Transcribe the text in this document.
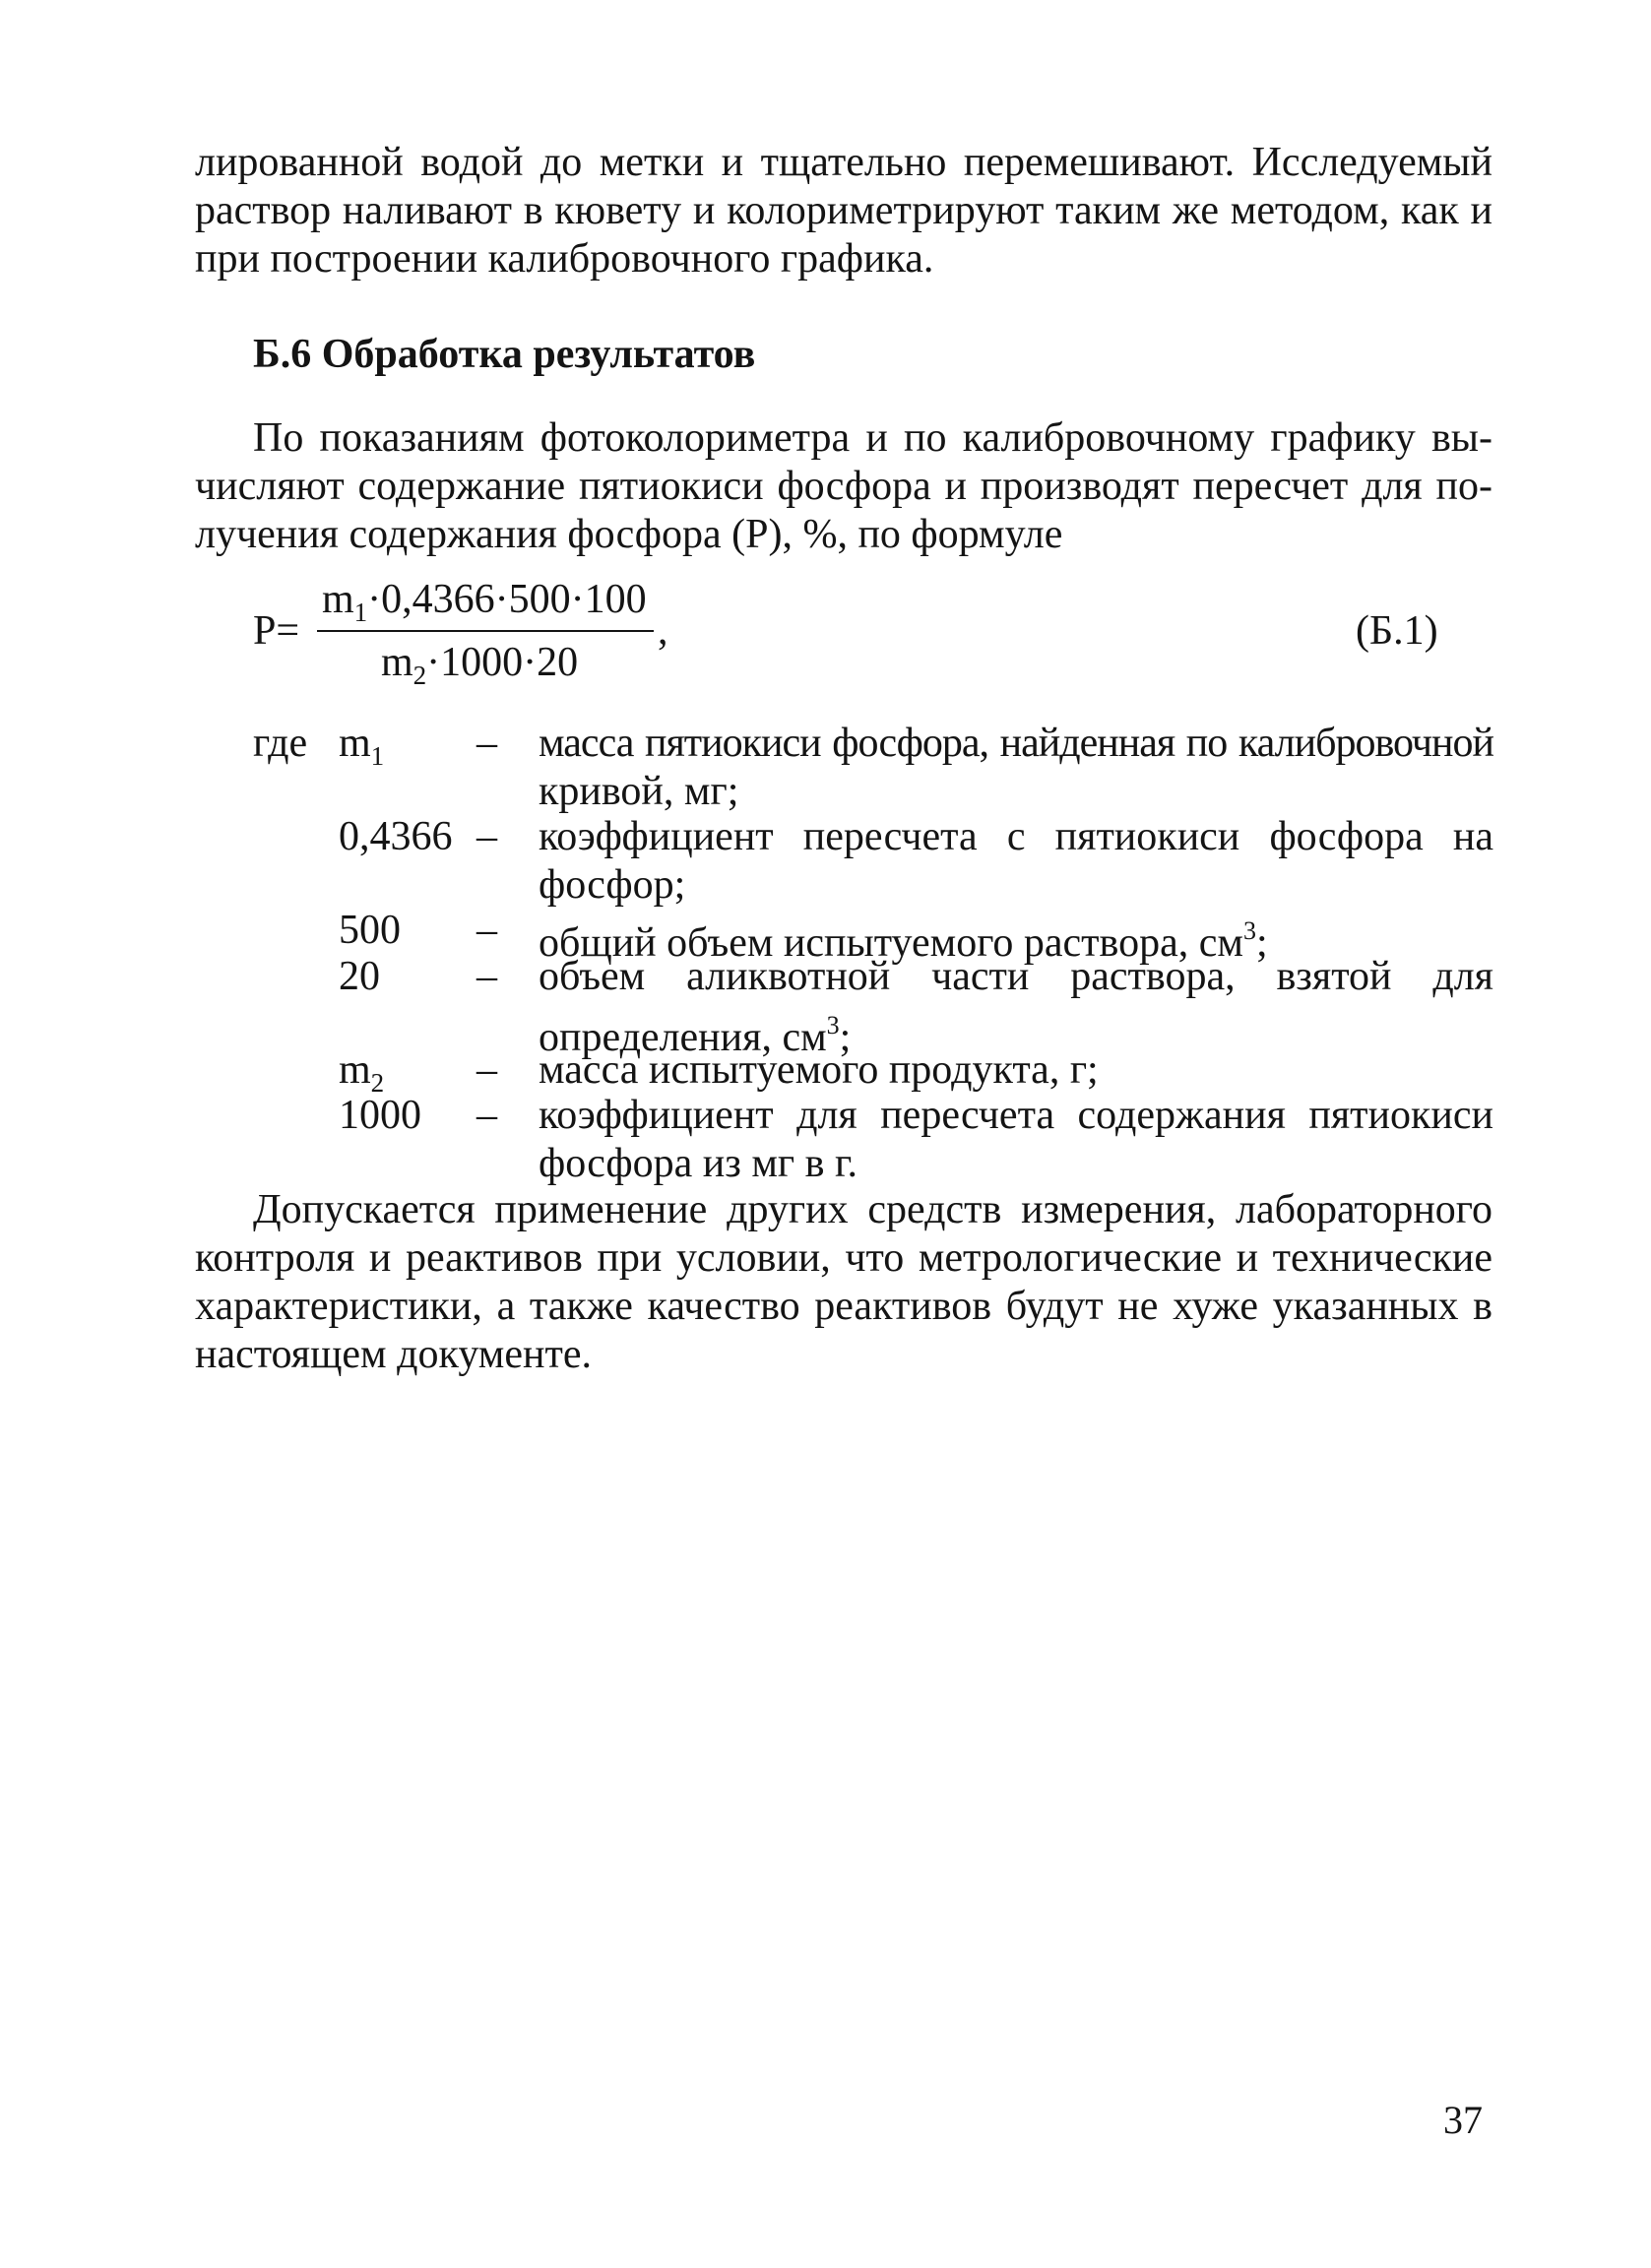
лированной водой до метки и тщательно перемешивают. Исследуемый
раствор наливают в кювету и колориметрируют таким же методом, как и
при построении калибровочного графика.
Б.6 Обработка результатов
По показаниям фотоколориметра и по калибровочному графику вы-
числяют содержание пятиокиси фосфора и производят пересчет для по-
лучения содержания фосфора (P), %, по формуле
P=
$m_1\cdot 0,4366\cdot 500\cdot 100$
$m_2\cdot 1000\cdot 20$
,	(Б.1)
где $m_1$ – масса пятиокиси фосфора, найденная по калибровочной
кривой, мг;
0,4366 – коэффициент пересчета с пятиокиси фосфора на
фосфор;
500 – общий объем испытуемого раствора, $см^3$;
20 – объем аликвотной части раствора, взятой для
определения, $см^3$;
$m_2$ – масса испытуемого продукта, г;
1000 – коэффициент для пересчета содержания пятиокиси
фосфора из мг в г.
Допускается применение других средств измерения, лабораторного
контроля и реактивов при условии, что метрологические и технические
характеристики, а также качество реактивов будут не хуже указанных в
настоящем документе.
37
